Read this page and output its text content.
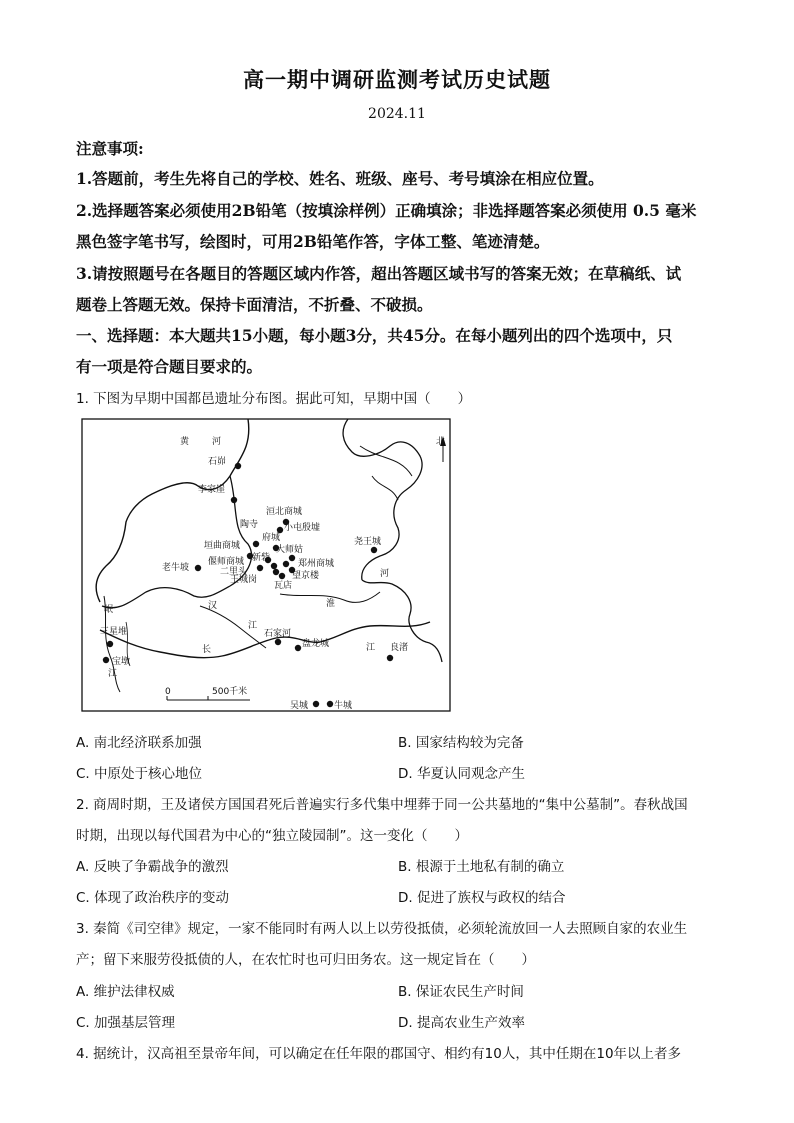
高一期中调研监测考试历史试题
2024.11
注意事项:
1.答题前，考生先将自己的学校、姓名、班级、座号、考号填涂在相应位置。
2.选择题答案必须使用2B铅笔（按填涂样例）正确填涂；非选择题答案必须使用 0.5 毫米
黑色签字笔书写，绘图时，可用2B铅笔作答，字体工整、笔迹清楚。
3.请按照题号在各题目的答题区域内作答，超出答题区域书写的答案无效；在草稿纸、试
题卷上答题无效。保持卡面清洁，不折叠、不破损。
一、选择题：本大题共15小题，每小题3分，共45分。在每小题列出的四个选项中，只
有一项是符合题目要求的。
1. 下图为早期中国都邑遗址分布图。据此可知，早期中国（　　）
北
0	500千米
黄	河
汉
江
长	江
淮
河
岷
江
石峁
李家崖
洹北商城
小屯殷墟
陶寺
府城
垣曲商城	大师姑
新砦
郑州商城
偃师商城
二里头	望京楼
王城岗
瓦店
老牛坡
尧王城
石家河
盘龙城	良渚
三星堆
宝墩
吴城	牛城
A. 南北经济联系加强	B. 国家结构较为完备
C. 中原处于核心地位	D. 华夏认同观念产生
2. 商周时期，王及诸侯方国国君死后普遍实行多代集中埋葬于同一公共墓地的“集中公墓制”。春秋战国
时期，出现以每代国君为中心的“独立陵园制”。这一变化（　　）
A. 反映了争霸战争的激烈	B. 根源于土地私有制的确立
C. 体现了政治秩序的变动	D. 促进了族权与政权的结合
3. 秦简《司空律》规定，一家不能同时有两人以上以劳役抵债，必须轮流放回一人去照顾自家的农业生
产；留下来服劳役抵债的人，在农忙时也可归田务农。这一规定旨在（　　）
A. 维护法律权威	B. 保证农民生产时间
C. 加强基层管理	D. 提高农业生产效率
4. 据统计，汉高祖至景帝年间，可以确定在任年限的郡国守、相约有10人，其中任期在10年以上者多
